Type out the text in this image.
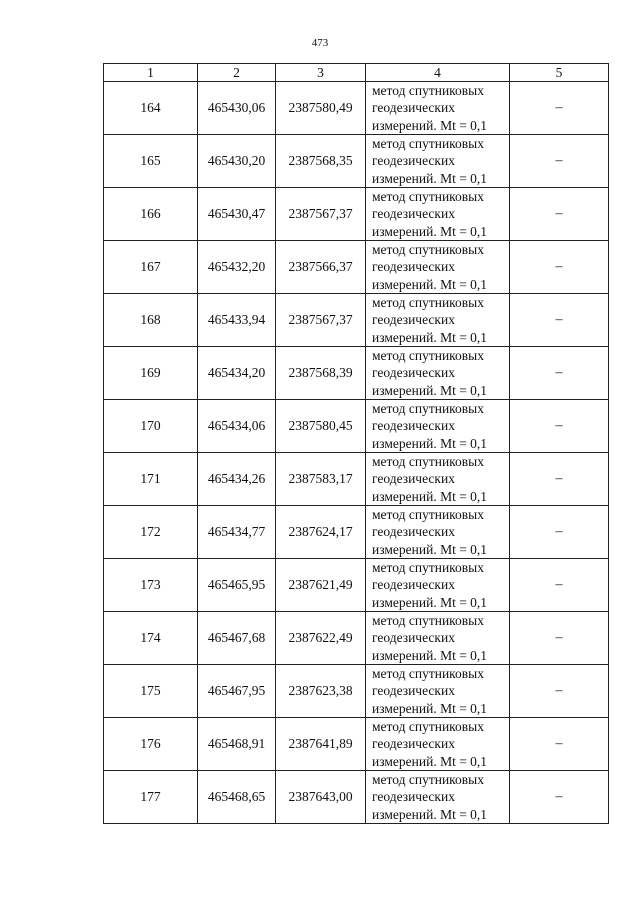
473
1	2	3	4	5
164	465430,06	2387580,49	метод спутниковых
геодезических
измерений. Mt = 0,1	–
165	465430,20	2387568,35	метод спутниковых
геодезических
измерений. Mt = 0,1	–
166	465430,47	2387567,37	метод спутниковых
геодезических
измерений. Mt = 0,1	–
167	465432,20	2387566,37	метод спутниковых
геодезических
измерений. Mt = 0,1	–
168	465433,94	2387567,37	метод спутниковых
геодезических
измерений. Mt = 0,1	–
169	465434,20	2387568,39	метод спутниковых
геодезических
измерений. Mt = 0,1	–
170	465434,06	2387580,45	метод спутниковых
геодезических
измерений. Mt = 0,1	–
171	465434,26	2387583,17	метод спутниковых
геодезических
измерений. Mt = 0,1	–
172	465434,77	2387624,17	метод спутниковых
геодезических
измерений. Mt = 0,1	–
173	465465,95	2387621,49	метод спутниковых
геодезических
измерений. Mt = 0,1	–
174	465467,68	2387622,49	метод спутниковых
геодезических
измерений. Mt = 0,1	–
175	465467,95	2387623,38	метод спутниковых
геодезических
измерений. Mt = 0,1	–
176	465468,91	2387641,89	метод спутниковых
геодезических
измерений. Mt = 0,1	–
177	465468,65	2387643,00	метод спутниковых
геодезических
измерений. Mt = 0,1	–
